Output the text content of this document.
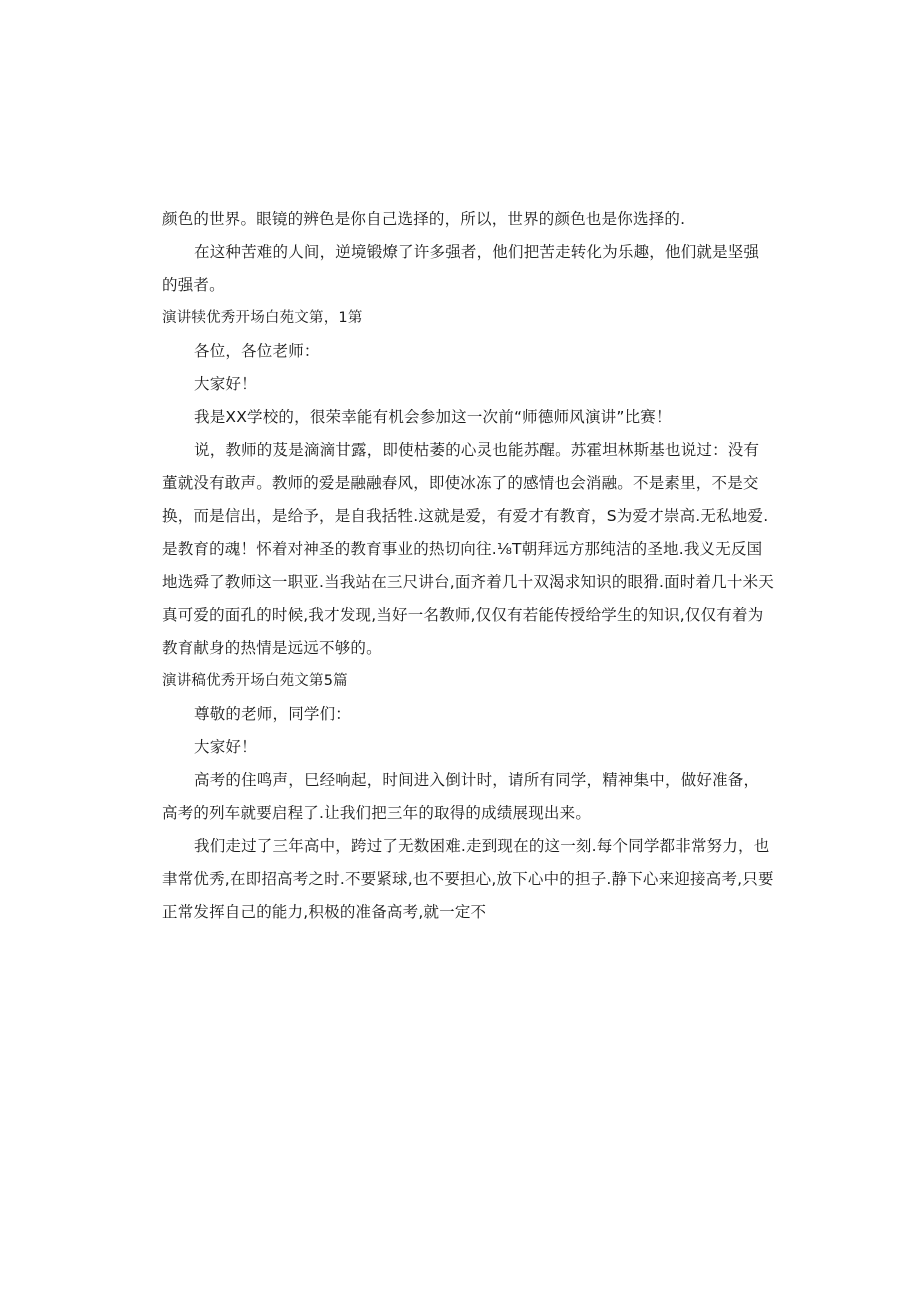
颜色的世界。眼镜的辨色是你自己选择的，所以，世界的颜色也是你选择的.

在这种苦难的人间，逆境锻燎了许多强者，他们把苦走转化为乐趣，他们就是坚强的强者。

演讲犊优秀开场白苑文第，1第

各位，各位老师：

大家好！

我是XX学校的，很荣幸能有机会参加这一次前“师德师风演讲”比赛！

说，教师的芨是滴滴甘露，即使枯萎的心灵也能苏醒。苏霍坦林斯基也说过：没有董就没有敢声。教师的爱是融融春风，即使冰冻了的感情也会消融。不是素里，不是交换，而是信出，是给予，是自我括牲.这就是爱，有爱才有教育，S为爱才崇高.无私地爱.是教育的魂！怀着对神圣的教育事业的热切向往.⅛T朝拜远方那纯洁的圣地.我义无反国地选舜了教师这一职亚.当我站在三尺讲台,面齐着几十双渴求知识的眼猾.面时着几十米天真可爱的面孔的时候,我才发现,当好一名教师,仅仅有若能传授给学生的知识,仅仅有着为教育献身的热情是远远不够的。

演讲稿优秀开场白苑文第5篇

尊敬的老师，同学们：

大家好！

高考的住鸣声，巳经响起，时间进入倒计时，请所有同学，精神集中，做好准备，高考的列车就要启程了.让我们把三年的取得的成绩展现出来。

我们走过了三年高中，跨过了无数困难.走到现在的这一刻.每个同学都非常努力，也聿常优秀,在即招高考之时.不要紧球,也不要担心,放下心中的担子.静下心来迎接高考,只要正常发挥自己的能力,积极的准备高考,就一定不
